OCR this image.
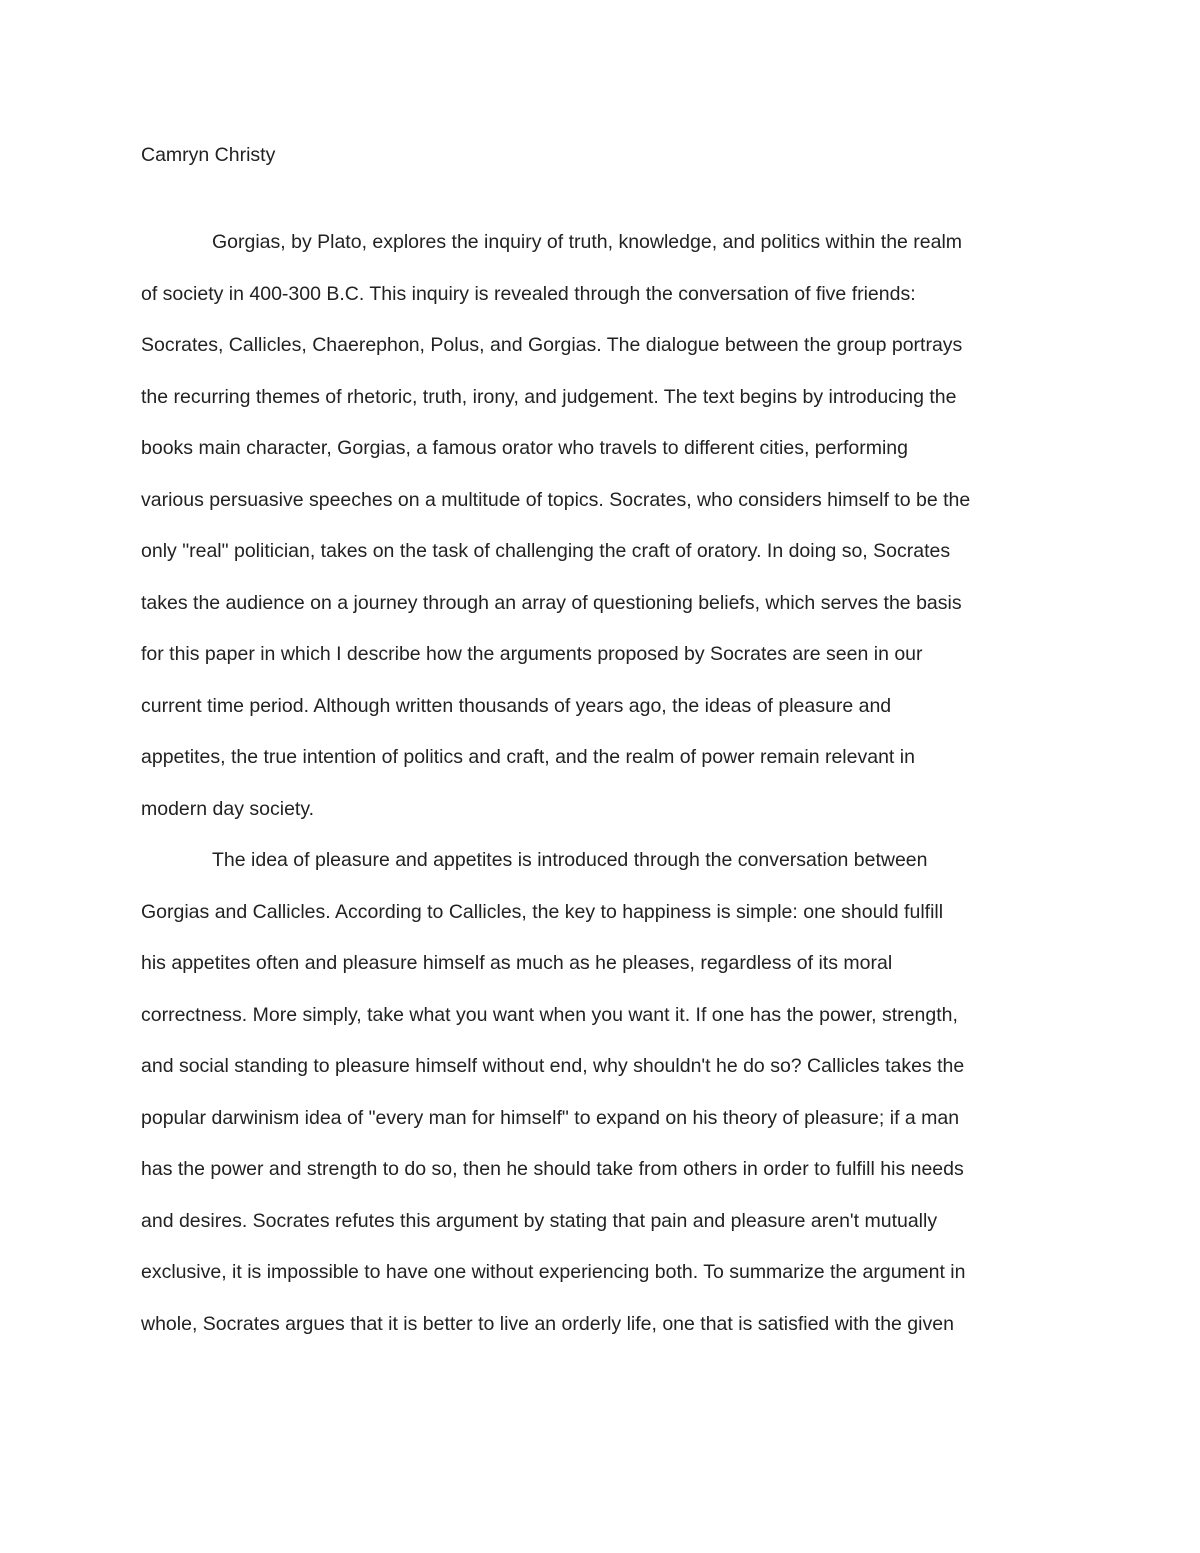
Camryn Christy

Gorgias, by Plato, explores the inquiry of truth, knowledge, and politics within the realm

of society in 400-300 B.C. This inquiry is revealed through the conversation of five friends:

Socrates, Callicles, Chaerephon, Polus, and Gorgias. The dialogue between the group portrays

the recurring themes of rhetoric, truth, irony, and judgement. The text begins by introducing the

books main character, Gorgias, a famous orator who travels to different cities, performing

various persuasive speeches on a multitude of topics. Socrates, who considers himself to be the

only "real" politician, takes on the task of challenging the craft of oratory. In doing so, Socrates

takes the audience on a journey through an array of questioning beliefs, which serves the basis

for this paper in which I describe how the arguments proposed by Socrates are seen in our

current time period. Although written thousands of years ago, the ideas of pleasure and

appetites, the true intention of politics and craft, and the realm of power remain relevant in

modern day society.

The idea of pleasure and appetites is introduced through the conversation between

Gorgias and Callicles. According to Callicles, the key to happiness is simple: one should fulfill

his appetites often and pleasure himself as much as he pleases, regardless of its moral

correctness. More simply, take what you want when you want it. If one has the power, strength,

and social standing to pleasure himself without end, why shouldn't he do so? Callicles takes the

popular darwinism idea of "every man for himself" to expand on his theory of pleasure; if a man

has the power and strength to do so, then he should take from others in order to fulfill his needs

and desires. Socrates refutes this argument by stating that pain and pleasure aren't mutually

exclusive, it is impossible to have one without experiencing both. To summarize the argument in

whole, Socrates argues that it is better to live an orderly life, one that is satisfied with the given
